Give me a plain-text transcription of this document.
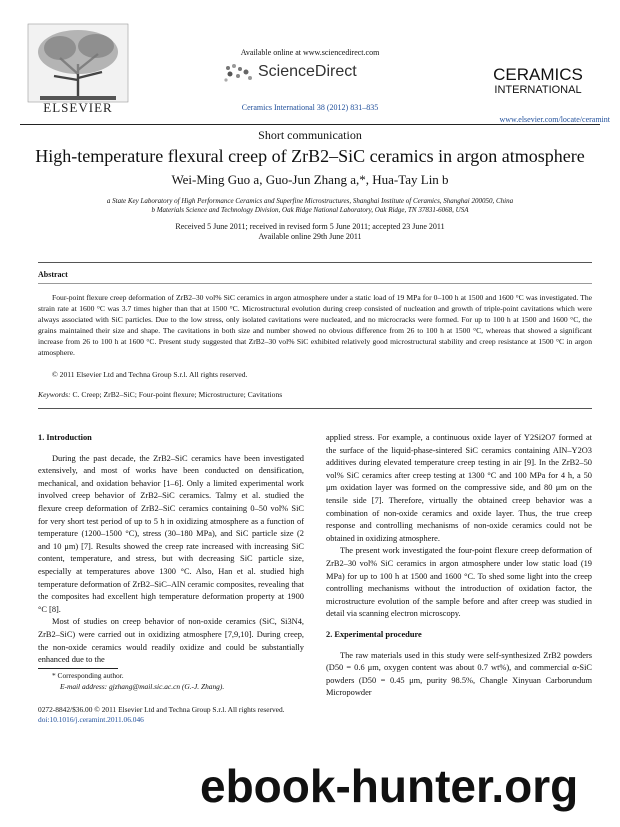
ELSEVIER
Available online at www.sciencedirect.com
ScienceDirect
Ceramics International 38 (2012) 831–835
CERAMICS
INTERNATIONAL
www.elsevier.com/locate/ceramint
Short communication
High-temperature flexural creep of ZrB2–SiC ceramics in argon atmosphere
Wei-Ming Guo a, Guo-Jun Zhang a,*, Hua-Tay Lin b
a State Key Laboratory of High Performance Ceramics and Superfine Microstructures, Shanghai Institute of Ceramics, Shanghai 200050, China
b Materials Science and Technology Division, Oak Ridge National Laboratory, Oak Ridge, TN 37831-6068, USA
Received 5 June 2011; received in revised form 5 June 2011; accepted 23 June 2011
Available online 29th June 2011
Abstract
Four-point flexure creep deformation of ZrB2–30 vol% SiC ceramics in argon atmosphere under a static load of 19 MPa for 0–100 h at 1500 and 1600 °C was investigated. The strain rate at 1600 °C was 3.7 times higher than that at 1500 °C. Microstructural evolution during creep consisted of nucleation and growth of triple-point cavitations which were always associated with SiC particles. Due to the low stress, only isolated cavitations were nucleated, and no microcracks were formed. For up to 100 h at 1500 and 1600 °C, the grains maintained their size and shape. The cavitations in both size and number showed no obvious difference from 26 to 100 h at 1500 °C, whereas that showed a significant increase from 26 to 100 h at 1600 °C. Present study suggested that ZrB2–30 vol% SiC exhibited relatively good microstructural stability and creep resistance at 1500 °C in argon atmosphere.
© 2011 Elsevier Ltd and Techna Group S.r.l. All rights reserved.
Keywords: C. Creep; ZrB2–SiC; Four-point flexure; Microstructure; Cavitations
1. Introduction

During the past decade, the ZrB2–SiC ceramics have been investigated extensively, and most of works have been conducted on densification, mechanical, and oxidation behavior [1–6]. Only a limited experimental work involved creep behavior of ZrB2–SiC ceramics. Talmy et al. studied the flexure creep deformation of ZrB2–SiC ceramics containing 0–50 vol% SiC for very short test period of up to 5 h in oxidizing atmosphere as a function of temperature (1200–1500 °C), stress (30–180 MPa), and SiC particle size (2 and 10 μm) [7]. Results showed the creep rate increased with increasing SiC content, temperature, and stress, but with decreasing SiC particle size, especially at temperatures above 1300 °C. Also, Han et al. studied high temperature deformation of ZrB2–SiC–AlN ceramic composites, revealing that the composites had excellent high temperature deformation property at 1900 °C [8].

Most of studies on creep behavior of non-oxide ceramics (SiC, Si3N4, ZrB2–SiC) were carried out in oxidizing atmosphere [7,9,10]. During creep, the non-oxide ceramics would readily oxidize and could be substantially enhanced due to the

applied stress. For example, a continuous oxide layer of Y2Si2O7 formed at the surface of the liquid-phase-sintered SiC ceramics containing AlN–Y2O3 additives during elevated temperature creep testing in air [9]. In the ZrB2–50 vol% SiC ceramics after creep testing at 1300 °C and 100 MPa for 4 h, a 50 μm oxidation layer was formed on the compressive side, and 80 μm on the tensile side [7]. Therefore, virtually the obtained creep behavior was a combination of non-oxide ceramics and oxide layer. Thus, the true creep response and controlling mechanisms of non-oxide ceramics could not be obtained in oxidizing atmosphere.

The present work investigated the four-point flexure creep deformation of ZrB2–30 vol% SiC ceramics in argon atmosphere under low static load (19 MPa) for up to 100 h at 1500 and 1600 °C. To shed some light into the creep controlling mechanisms without the introduction of oxidation factor, the microstructure evolution of the sample before and after creep was studied in detail via scanning electron microscopy.

2. Experimental procedure

The raw materials used in this study were self-synthesized ZrB2 powders (D50 = 0.6 μm, oxygen content was about 0.7 wt%), and commercial α-SiC powders (D50 = 0.45 μm, purity 98.5%, Changle Xinyuan Carborundum Micropowder

* Corresponding author.
E-mail address: gjzhang@mail.sic.ac.cn (G.-J. Zhang).
0272-8842/$36.00 © 2011 Elsevier Ltd and Techna Group S.r.l. All rights reserved.
doi:10.1016/j.ceramint.2011.06.046
ebook-hunter.org
